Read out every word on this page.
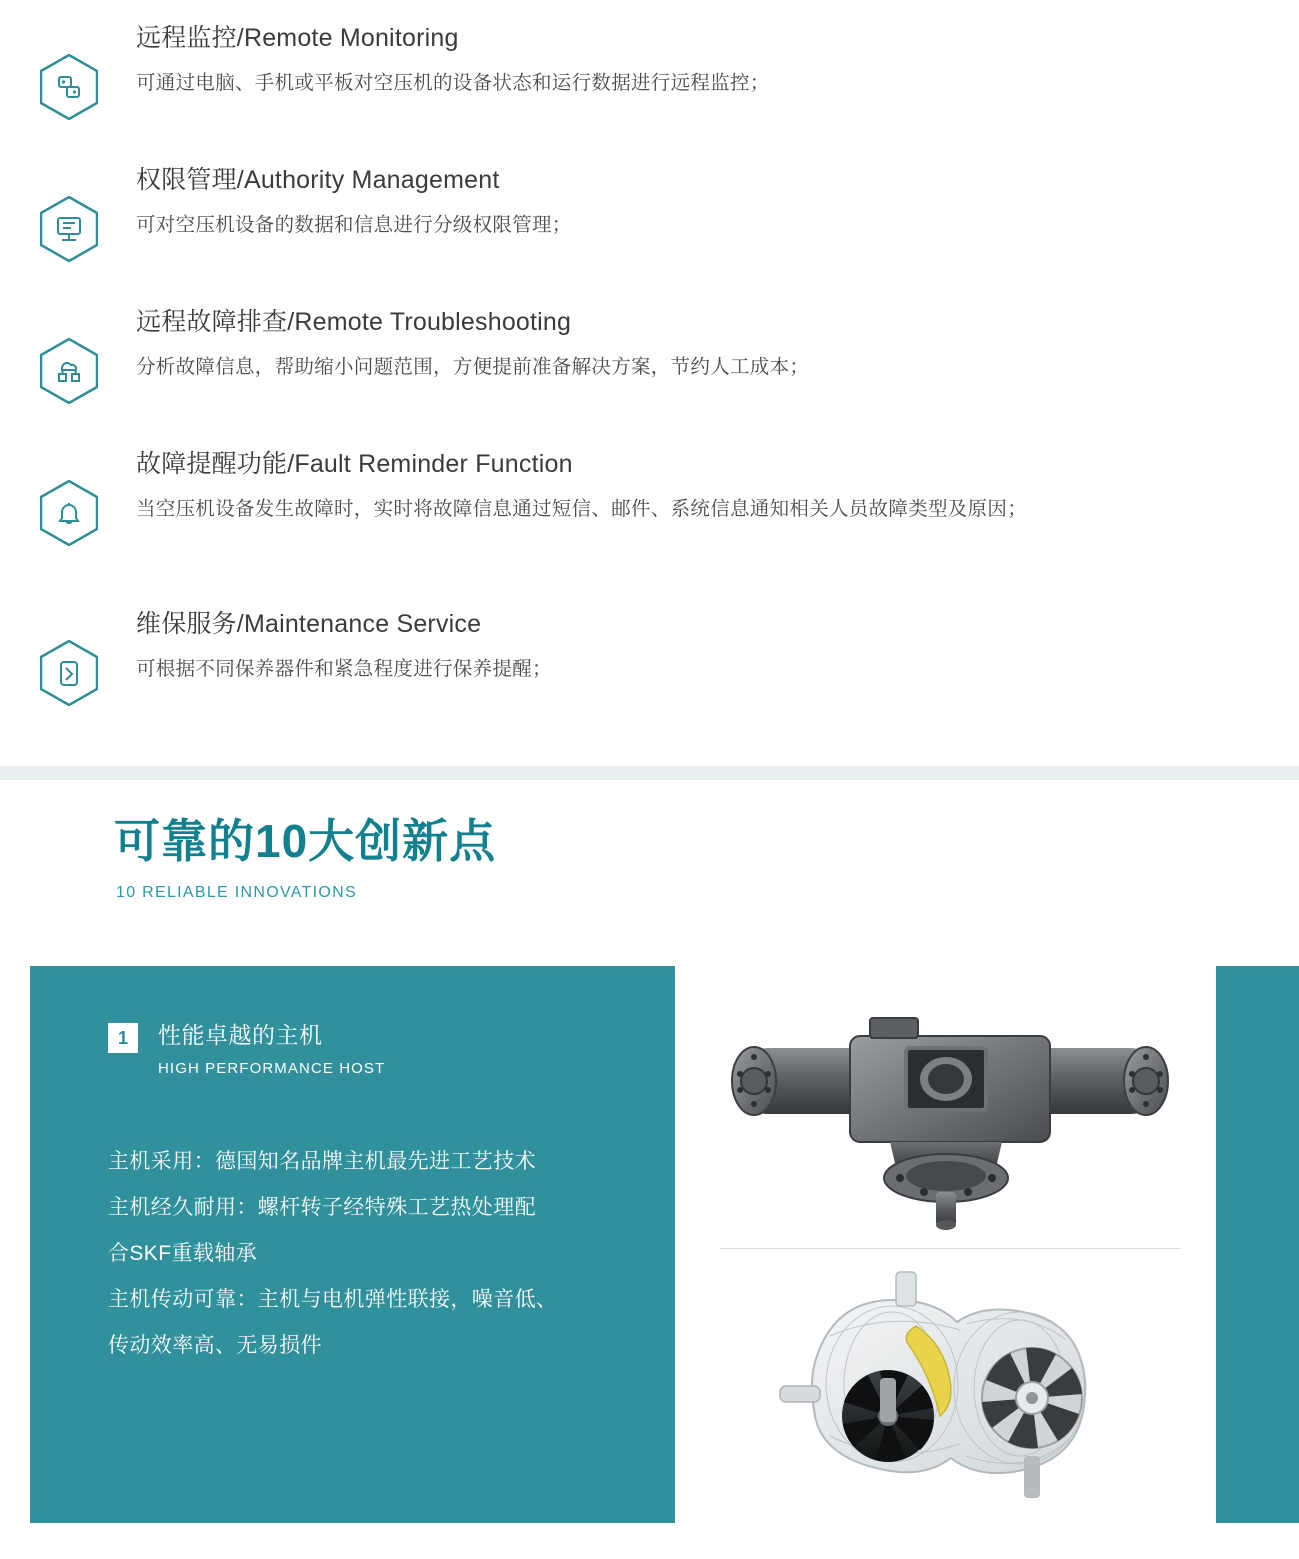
远程监控/Remote Monitoring

可通过电脑、手机或平板对空压机的设备状态和运行数据进行远程监控；

权限管理/Authority Management

可对空压机设备的数据和信息进行分级权限管理；

远程故障排查/Remote Troubleshooting

分析故障信息，帮助缩小问题范围，方便提前准备解决方案，节约人工成本；

故障提醒功能/Fault Reminder Function

当空压机设备发生故障时，实时将故障信息通过短信、邮件、系统信息通知相关人员故障类型及原因；

维保服务/Maintenance Service

可根据不同保养器件和紧急程度进行保养提醒；

可靠的10大创新点

10 RELIABLE INNOVATIONS

1	性能卓越的主机

HIGH PERFORMANCE HOST

主机采用：德国知名品牌主机最先进工艺技术

主机经久耐用：螺杆转子经特殊工艺热处理配

合SKF重载轴承

主机传动可靠：主机与电机弹性联接，噪音低、

传动效率高、无易损件
